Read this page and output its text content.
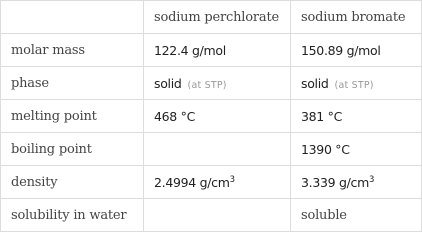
	sodium perchlorate	sodium bromate
molar mass	122.4 g/mol	150.89 g/mol
phase	solid (at STP)	solid (at STP)
melting point	468 °C	381 °C
boiling point		1390 °C
density	2.4994 $g/cm^3$	3.339 $g/cm^3$
solubility in water		soluble
